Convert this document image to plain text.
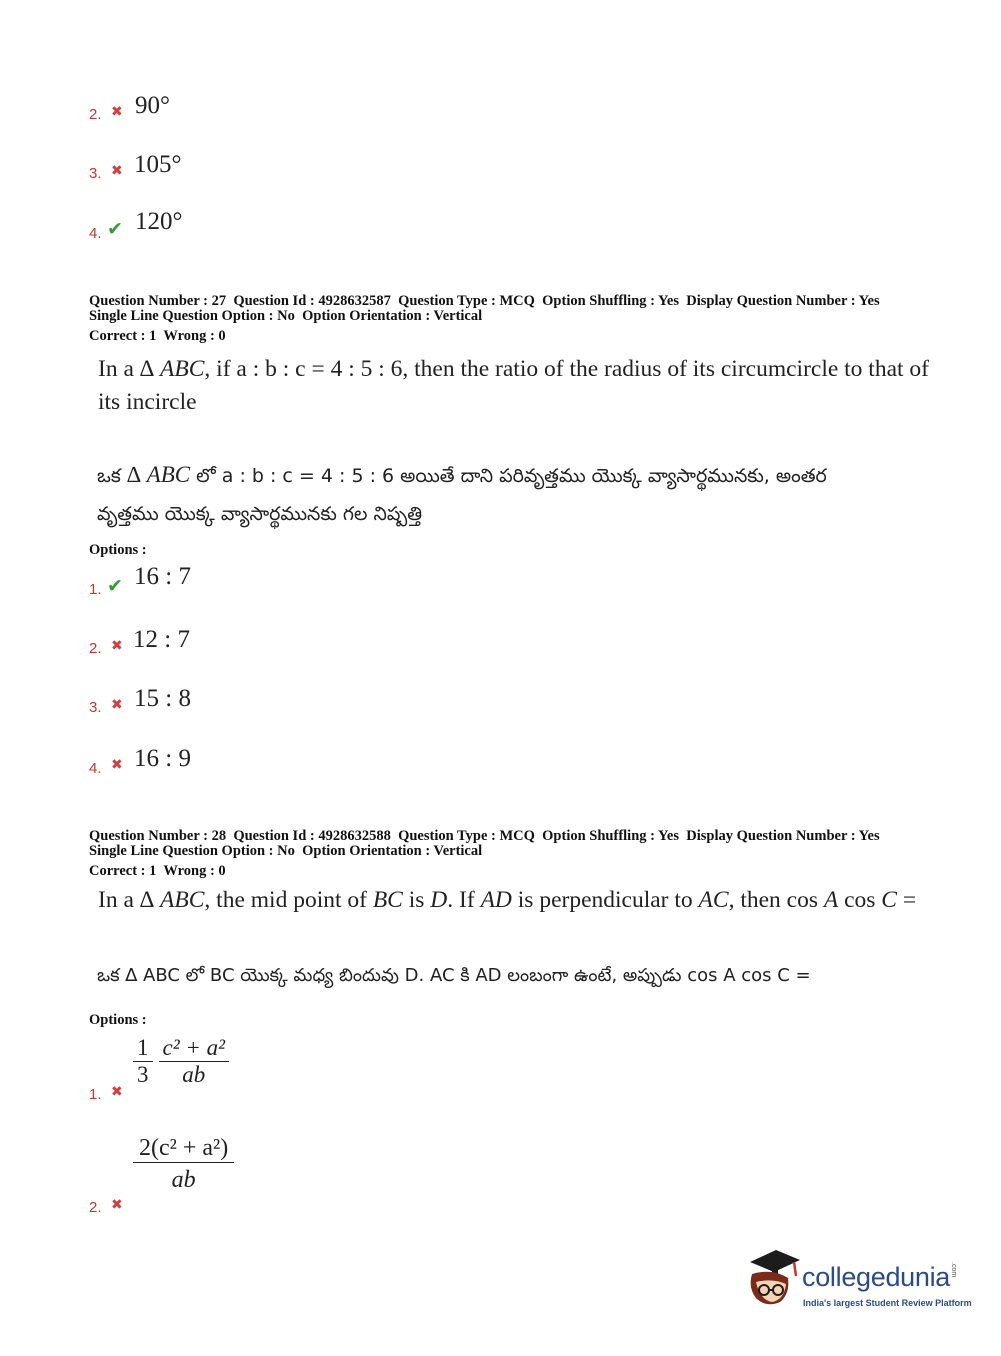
2. ✖ 90°
3. ✖ 105°
4. ✔ 120°
Question Number : 27  Question Id : 4928632587  Question Type : MCQ  Option Shuffling : Yes  Display Question Number : Yes
Single Line Question Option : No  Option Orientation : Vertical
Correct : 1  Wrong : 0
In a ∆ ABC, if a : b : c = 4 : 5 : 6, then the ratio of the radius of its circumcircle to that of
its incircle
ఒక ∆ ABC లో a : b : c = 4 : 5 : 6 అయితే దాని పరివృత్తము యొక్క వ్యాసార్థమునకు, అంతర
వృత్తము యొక్క వ్యాసార్థమునకు గల నిష్పత్తి
Options :
1. ✔ 16 : 7
2. ✖ 12 : 7
3. ✖ 15 : 8
4. ✖ 16 : 9
Question Number : 28  Question Id : 4928632588  Question Type : MCQ  Option Shuffling : Yes  Display Question Number : Yes
Single Line Question Option : No  Option Orientation : Vertical
Correct : 1  Wrong : 0
In a ∆ ABC, the mid point of BC is D. If AD is perpendicular to AC, then cos A cos C =
ఒక ∆ ABC లో BC యొక్క మధ్య బిందువు D. AC కి AD లంబంగా ఉంటే, అప్పుడు cos A cos C =
Options :
1. ✖
$\frac{1}{3}$
$\frac{\text{c² + a²}}{ab}$
2. ✖
$\frac{\text{2(c² + a²)}}{ab}$
collegedunia.com
India's largest Student Review Platform
